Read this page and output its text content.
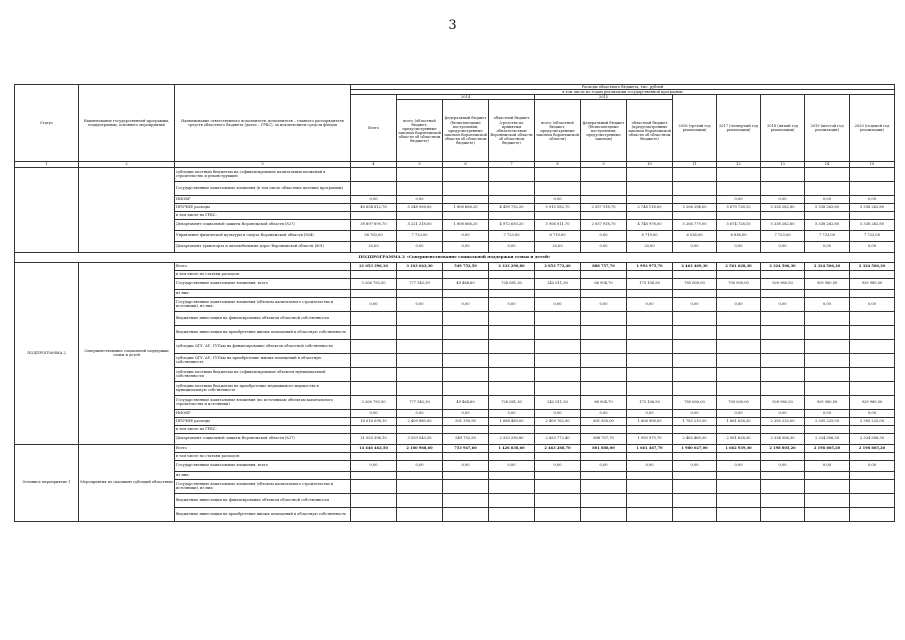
3
Статус	Наименование государственной программы, подпрограммы, основного мероприятия	Наименование ответственного исполнителя, исполнителя – главного распорядителя средств областного бюджета (далее – ГРБС), за исключением средств фондов	Расходы областного бюджета, тыс. рублей											
			в том числе по годам реализации государственной программы											
			Всего	2014			2015			2016 (третий год реализации)	2017 (четвертый год реализации)	2018 (пятый год реализации)	2019 (шестой год реализации)	2020 (седьмой год реализации)
				всего (областной бюджет, предусмотренные законом Воронежской области об областном бюджете)	федеральный бюджет (безвозмездные поступления, предусмотренные законом Воронежской области об областном бюджете)	областной бюджет (средства по принятым обязательствам Воронежской области об областном бюджете)	всего (областной бюджет, предусмотренные законом Воронежской области)	федеральный бюджет (безвозмездные поступления, предусмотренные законом)	областной бюджет (предусмотренные законом Воронежской области об областном бюджете)					
1	2	3	4	5	6	7	8	9	10	11	12	13	14	15
		субсидии местным бюджетам на софинансирование капитальных вложений в строительство и реконструкцию												
		Государственные капитальные вложения (в том числе областные целевые программы)												
		НИОКР	0,00	0,00			0,00				0,00	0,00	0,00	0,00
		ПРОЧИЕ расходы	40 654 612,78	5 248 908,00	1 808 668,20	4 499 752,20	5 915 582,70	2 057 918,70	2 748 118,00	5 206 294,00	5 679 728,10	5 338 262,80	5 338 262,80	5 338 262,80
		в том числе по ГРБС:												
		Департамент социальной защиты Воронежской области (827)	39 897 890,70	5 221 318,00	1 808 668,20	4 972 650,20	5 906 911,70	2 057 918,70	4 748 978,00	5 206 779,00	5 674 728,10	5 338 262,80	5 338 262,80	5 338 262,80
		Управление физической культуры и спорта Воронежской области (804)	58 783,00	7 723,00	0,00	7 723,00	8 719,00	0,00	8 719,00	6 536,00	8 836,00	7 723,00	7 723,00	7 723,00
		Департамент транспорта и автомобильных дорог Воронежской области (801)	20,00	0,00	0,00	0,00	20,00	0,00	20,00	0,00	0,00	0,00	0,00	0,00
ПОДПРОГРАММА 2 «Совершенствование социальной поддержки семьи и детей»														
ПОДПРОГРАММА 2	Совершенствование социальной поддержки семьи и детей	Всего	21 053 396,10	3 103 043,30	549 752,50	2 333 290,80	2 853 772,40	888 757,70	1 993 975,70	2 463 469,30	2 561 628,30	2 324 506,30	2 324 506,30	2 324 506,30
		в том числе по статьям расходов:												
		Государственные капитальные вложения, всего	3 206 793,50	777 542,30	49 464,60	728 081,30	242 011,30	66 904,70	175 106,50	780 600,00	700 000,00	929 980,50	929 980,50	929 980,50
		из них:												
		Государственные капитальные вложения (объекты капитального строительства и источники), из них:	0,00	0,00	0,00	0,00	0,00	0,00	0,00	0,00	0,00	0,00	0,00	0,00
		бюджетные инвестиции на финансирование объектов областной собственности												
		бюджетные инвестиции на приобретение жилых помещений в областную собственность												
		субсидии ОГУ, АУ, ГУПам на финансирование объектов областной собственности												
		субсидии ОГУ, АУ, ГУПам на приобретение жилых помещений в областную собственность												
		субсидии местным бюджетам на софинансирование объектов муниципальной собственности												
		субсидии местным бюджетам на приобретение недвижимого имущества в муниципальную собственность												
		Государственные капитальные вложения (по источникам объектам капитального строительства и источники)	3 206 793,50	777 542,30	49 464,60	728 081,30	242 011,30	66 904,70	175 106,50	780 600,00	700 000,00	929 980,50	929 980,50	929 980,50
		НИОКР	0,00	0,00	0,00	0,00	0,00	0,00	0,00	0,00	0,00	0,00	0,00	0,00
		ПРОЧИЕ расходы	18 016 098,10	2 409 880,00	501 390,90	1 688 489,00	2 409 762,00	801 850,00	1 606 906,00	1 783 219,30	1 861 628,30	2 395 225,00	2 395 225,00	2 395 225,00
		в том числе по ГРБС:												
		Департамент социальной защиты Воронежской области (827)	21 053 396,10	3 103 043,30	549 752,50	2 333 290,80	2 853 772,40	888 757,70	1 993 975,70	2 463 469,30	2 561 628,30	2 324 506,30	2 324 506,30	2 324 506,30
Основное мероприятие 1	Мероприятия по оказанию субсидий областным	Всего	14 446 462,50	2 180 968,60	753 947,60	1 426 838,60	2 463 288,70	801 888,00	1 661 467,70	1 980 027,00	1 662 939,30	2 198 805,20	2 198 805,20	2 198 805,20
		в том числе по статьям расходов:												
		Государственные капитальные вложения, всего	0,00	0,00	0,00	0,00	0,00	0,00	0,00	0,00	0,00	0,00	0,00	0,00
		из них:												
		Государственные капитальные вложения (объекты капитального строительства и источники), из них:												
		бюджетные инвестиции на финансирование объектов областной собственности												
		бюджетные инвестиции на приобретение жилых помещений в областную собственность												
